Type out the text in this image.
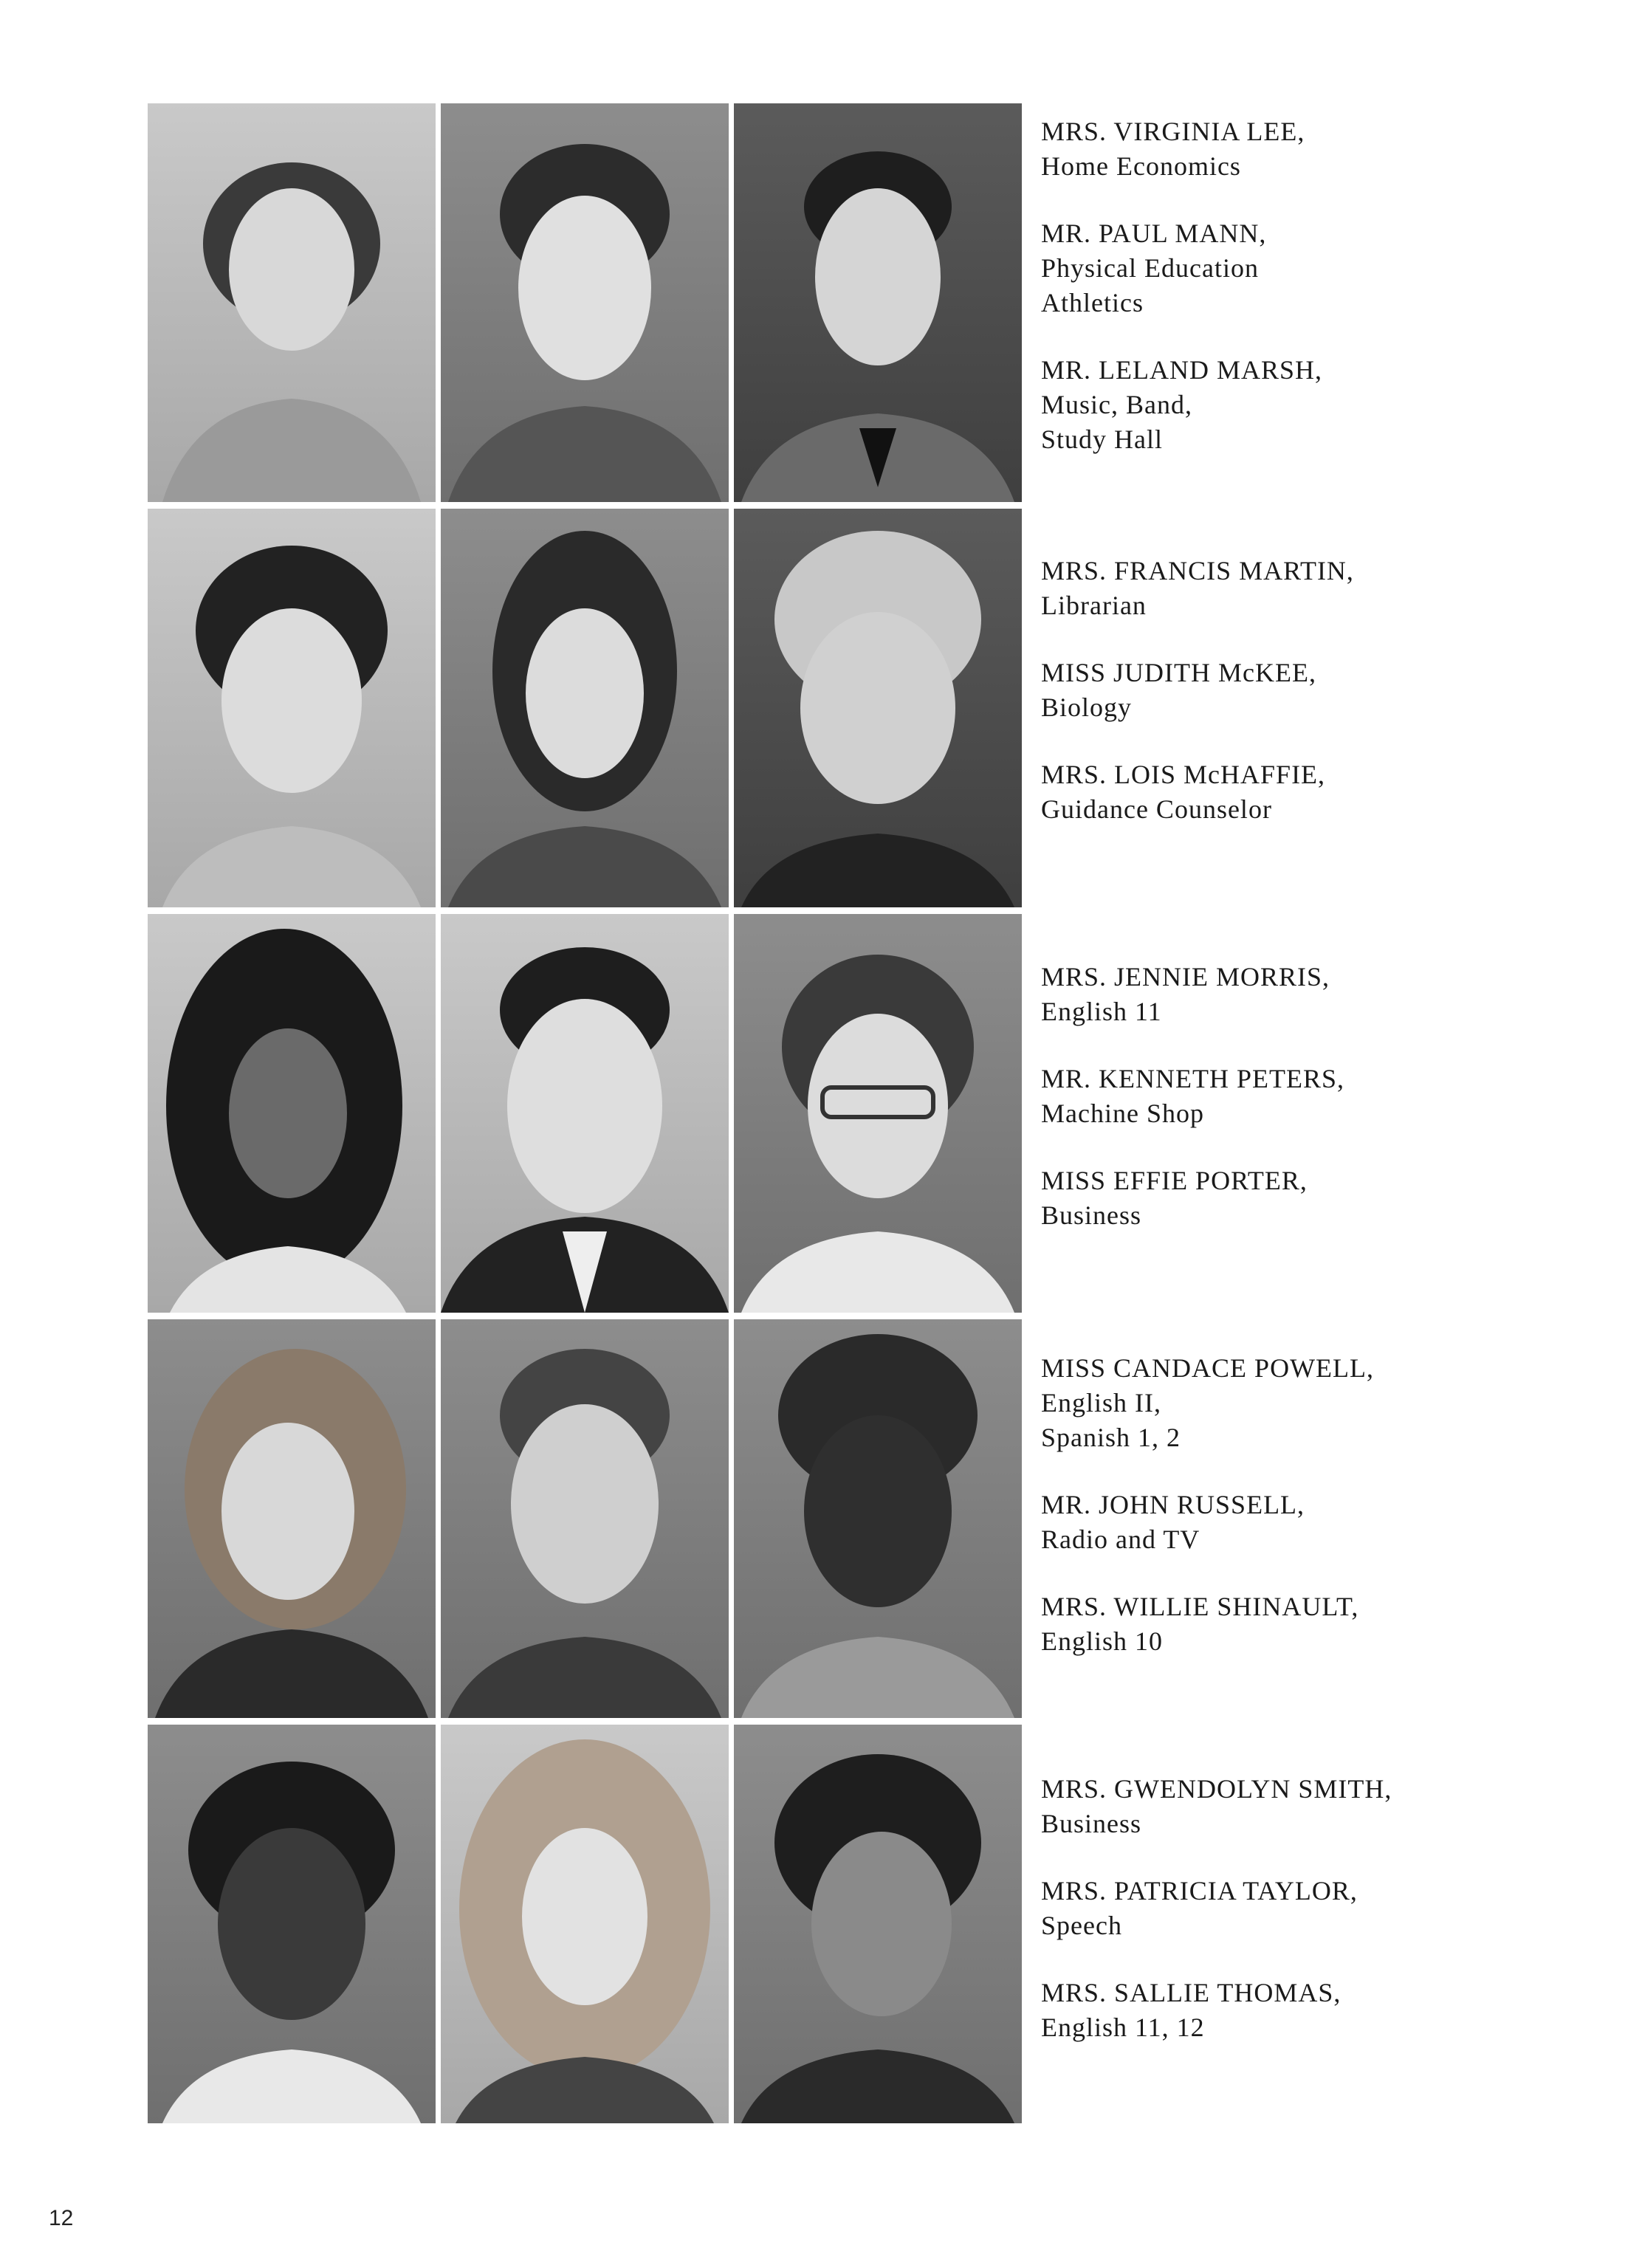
MRS. VIRGINIA LEE,
Home Economics
MR. PAUL MANN,
Physical Education
Athletics
MR. LELAND MARSH,
Music, Band,
Study Hall
MRS. FRANCIS MARTIN,
Librarian
MISS JUDITH McKEE,
Biology
MRS. LOIS McHAFFIE,
Guidance Counselor
MRS. JENNIE MORRIS,
English 11
MR. KENNETH PETERS,
Machine Shop
MISS EFFIE PORTER,
Business
MISS CANDACE POWELL,
English II,
Spanish 1, 2
MR. JOHN RUSSELL,
Radio and TV
MRS. WILLIE SHINAULT,
English 10
MRS. GWENDOLYN SMITH,
Business
MRS. PATRICIA TAYLOR,
Speech
MRS. SALLIE THOMAS,
English 11, 12
12
